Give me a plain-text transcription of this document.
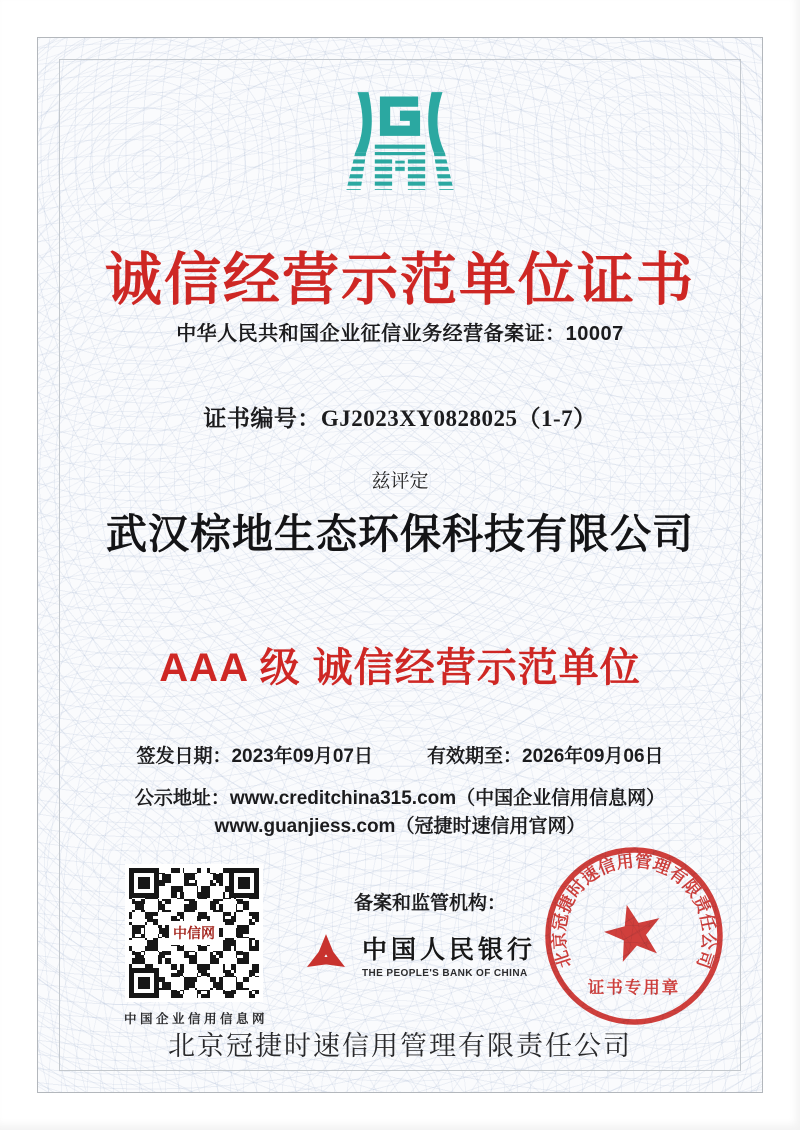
诚信经营示范单位证书
中华人民共和国企业征信业务经营备案证：10007
证书编号：GJ2023XY0828025（1-7）
兹评定
武汉棕地生态环保科技有限公司
AAA 级 诚信经营示范单位
签发日期：2023年09月07日	有效期至：2026年09月06日
公示地址：www.creditchina315.com（中国企业信用信息网）
www.guanjiess.com（冠捷时速信用官网）
中信网
中国企业信用信息网
备案和监管机构：
中国人民银行
THE PEOPLE'S BANK OF CHINA
北京冠捷时速信用管理有限责任公司
证书专用章
北京冠捷时速信用管理有限责任公司
